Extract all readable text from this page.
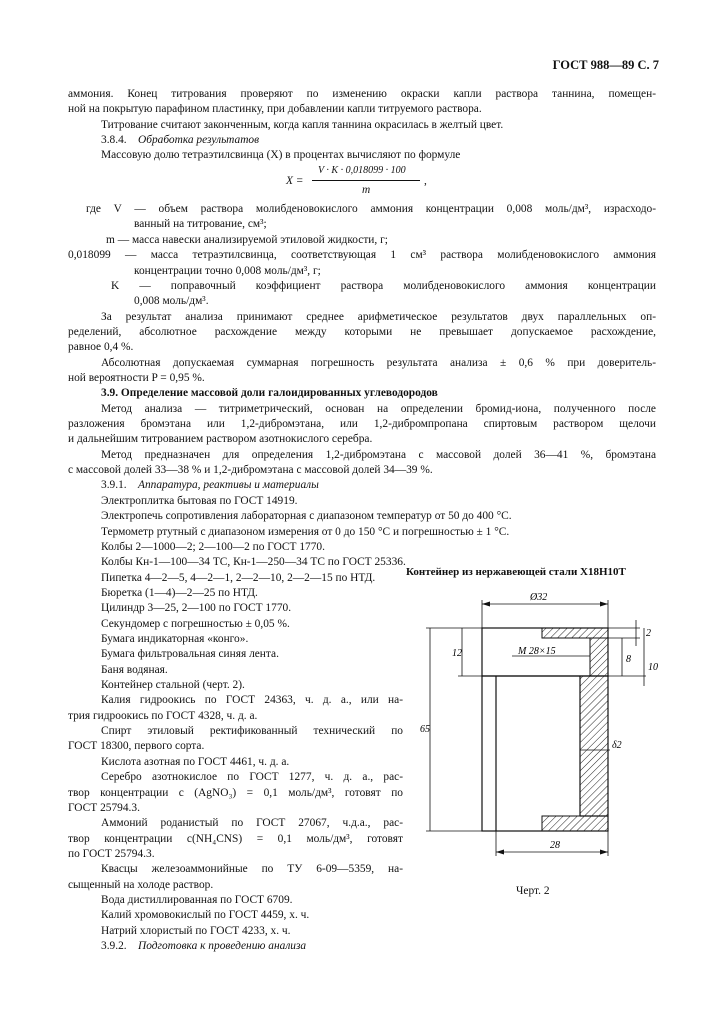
ГОСТ 988—89 С. 7
аммония. Конец титрования проверяют по изменению окраски капли раствора таннина, помещен-
ной на покрытую парафином пластинку, при добавлении капли титруемого раствора.
Титрование считают законченным, когда капля таннина окрасилась в желтый цвет.
3.8.4. Обработка результатов
Массовую долю тетраэтилсвинца (X) в процентах вычисляют по формуле
X =
V · K · 0,018099 · 100
m
,
где V — объем раствора молибденовокислого аммония концентрации 0,008 моль/дм³, израсходо-
ванный на титрование, см³;
m — масса навески анализируемой этиловой жидкости, г;
0,018099 — масса тетраэтилсвинца, соответствующая 1 см³ раствора молибденовокислого аммония
концентрации точно 0,008 моль/дм³, г;
K — поправочный коэффициент раствора молибденовокислого аммония концентрации
0,008 моль/дм³.
За результат анализа принимают среднее арифметическое результатов двух параллельных оп-
ределений, абсолютное расхождение между которыми не превышает допускаемое расхождение,
равное 0,4 %.
Абсолютная допускаемая суммарная погрешность результата анализа ± 0,6 % при доверитель-
ной вероятности P = 0,95 %.
3.9. Определение массовой доли галоидированных углеводородов
Метод анализа — титриметрический, основан на определении бромид-иона, полученного после
разложения бромэтана или 1,2-дибромэтана, или 1,2-дибромпропана спиртовым раствором щелочи
и дальнейшим титрованием раствором азотнокислого серебра.
Метод предназначен для определения 1,2-дибромэтана с массовой долей 36—41 %, бромэтана
с массовой долей 33—38 % и 1,2-дибромэтана с массовой долей 34—39 %.
3.9.1. Аппаратура, реактивы и материалы
Электроплитка бытовая по ГОСТ 14919.
Электропечь сопротивления лабораторная с диапазоном температур от 50 до 400 °С.
Термометр ртутный с диапазоном измерения от 0 до 150 °С и погрешностью ± 1 °С.
Колбы 2—1000—2; 2—100—2 по ГОСТ 1770.
Колбы Кн-1—100—34 ТС, Кн-1—250—34 ТС по ГОСТ 25336.
Пипетка 4—2—5, 4—2—1, 2—2—10, 2—2—15 по НТД.
Бюретка (1—4)—2—25 по НТД.
Цилиндр 3—25, 2—100 по ГОСТ 1770.
Секундомер с погрешностью ± 0,05 %.
Бумага индикаторная «конго».
Бумага фильтровальная синяя лента.
Баня водяная.
Контейнер стальной (черт. 2).
Калия гидроокись по ГОСТ 24363, ч. д. а., или на-
трия гидроокись по ГОСТ 4328, ч. д. а.
Спирт этиловый ректификованный технический по
ГОСТ 18300, первого сорта.
Кислота азотная по ГОСТ 4461, ч. д. а.
Серебро азотнокислое по ГОСТ 1277, ч. д. а., рас-
твор концентрации c (AgNO₃) = 0,1 моль/дм³, готовят по
ГОСТ 25794.3.
Аммоний роданистый по ГОСТ 27067, ч.д.а., рас-
твор концентрации c(NH₄CNS) = 0,1 моль/дм³, готовят
по ГОСТ 25794.3.
Квасцы железоаммонийные по ТУ 6-09—5359, на-
сыщенный на холоде раствор.
Вода дистиллированная по ГОСТ 6709.
Калий хромовокислый по ГОСТ 4459, х. ч.
Натрий хлористый по ГОСТ 4233, х. ч.
3.9.2. Подготовка к проведению анализа
Контейнер из нержавеющей стали Х18Н10Т
Ø32
2
12	M 28×15
8
10
65
δ2
28
Черт. 2
